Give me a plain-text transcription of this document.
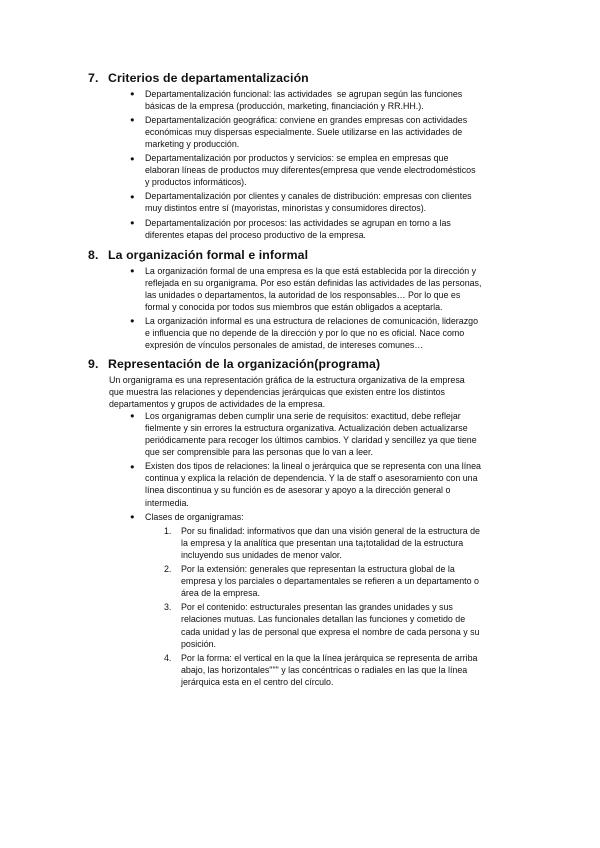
7. Criterios de departamentalización
● Departamentalización funcional: las actividades  se agrupan según las funciones
básicas de la empresa (producción, marketing, financiación y RR.HH.).
● Departamentalización geográfica: conviene en grandes empresas con actividades
económicas muy dispersas especialmente. Suele utilizarse en las actividades de
marketing y producción.
● Departamentalización por productos y servicios: se emplea en empresas que
elaboran líneas de productos muy diferentes(empresa que vende electrodomésticos
y productos informáticos).
● Departamentalización por clientes y canales de distribución: empresas con clientes
muy distintos entre sí (mayoristas, minoristas y consumidores directos).
● Departamentalización por procesos: las actividades se agrupan en torno a las
diferentes etapas del proceso productivo de la empresa.
8. La organización formal e informal
● La organización formal de una empresa es la que está establecida por la dirección y
reflejada en su organigrama. Por eso están definidas las actividades de las personas,
las unidades o departamentos, la autoridad de los responsables… Por lo que es
formal y conocida por todos sus miembros que están obligados a aceptarla.
● La organización informal es una estructura de relaciones de comunicación, liderazgo
e influencia que no depende de la dirección y por lo que no es oficial. Nace como
expresión de vínculos personales de amistad, de intereses comunes…
9. Representación de la organización(programa)
Un organigrama es una representación gráfica de la estructura organizativa de la empresa
que muestra las relaciones y dependencias jerárquicas que existen entre los distintos
departamentos y grupos de actividades de la empresa.
● Los organigramas deben cumplir una serie de requisitos: exactitud, debe reflejar
fielmente y sin errores la estructura organizativa. Actualización deben actualizarse
periódicamente para recoger los últimos cambios. Y claridad y sencillez ya que tiene
que ser comprensible para las personas que lo van a leer.
● Existen dos tipos de relaciones: la lineal o jerárquica que se representa con una línea
continua y explica la relación de dependencia. Y la de staff o asesoramiento con una
línea discontinua y su función es de asesorar y apoyo a la dirección general o
intermedia.
● Clases de organigramas:
1. Por su finalidad: informativos que dan una visión general de la estructura de
la empresa y la analítica que presentan una ta¡totalidad de la estructura
incluyendo sus unidades de menor valor.
2. Por la extensión: generales que representan la estructura global de la
empresa y los parciales o departamentales se refieren a un departamento o
área de la empresa.
3. Por el contenido: estructurales presentan las grandes unidades y sus
relaciones mutuas. Las funcionales detallan las funciones y cometido de
cada unidad y las de personal que expresa el nombre de cada persona y su
posición.
4. Por la forma: el vertical en la que la línea jerárquica se representa de arriba
abajo, las horizontales""" y las concéntricas o radiales en las que la línea
jerárquica esta en el centro del círculo.
